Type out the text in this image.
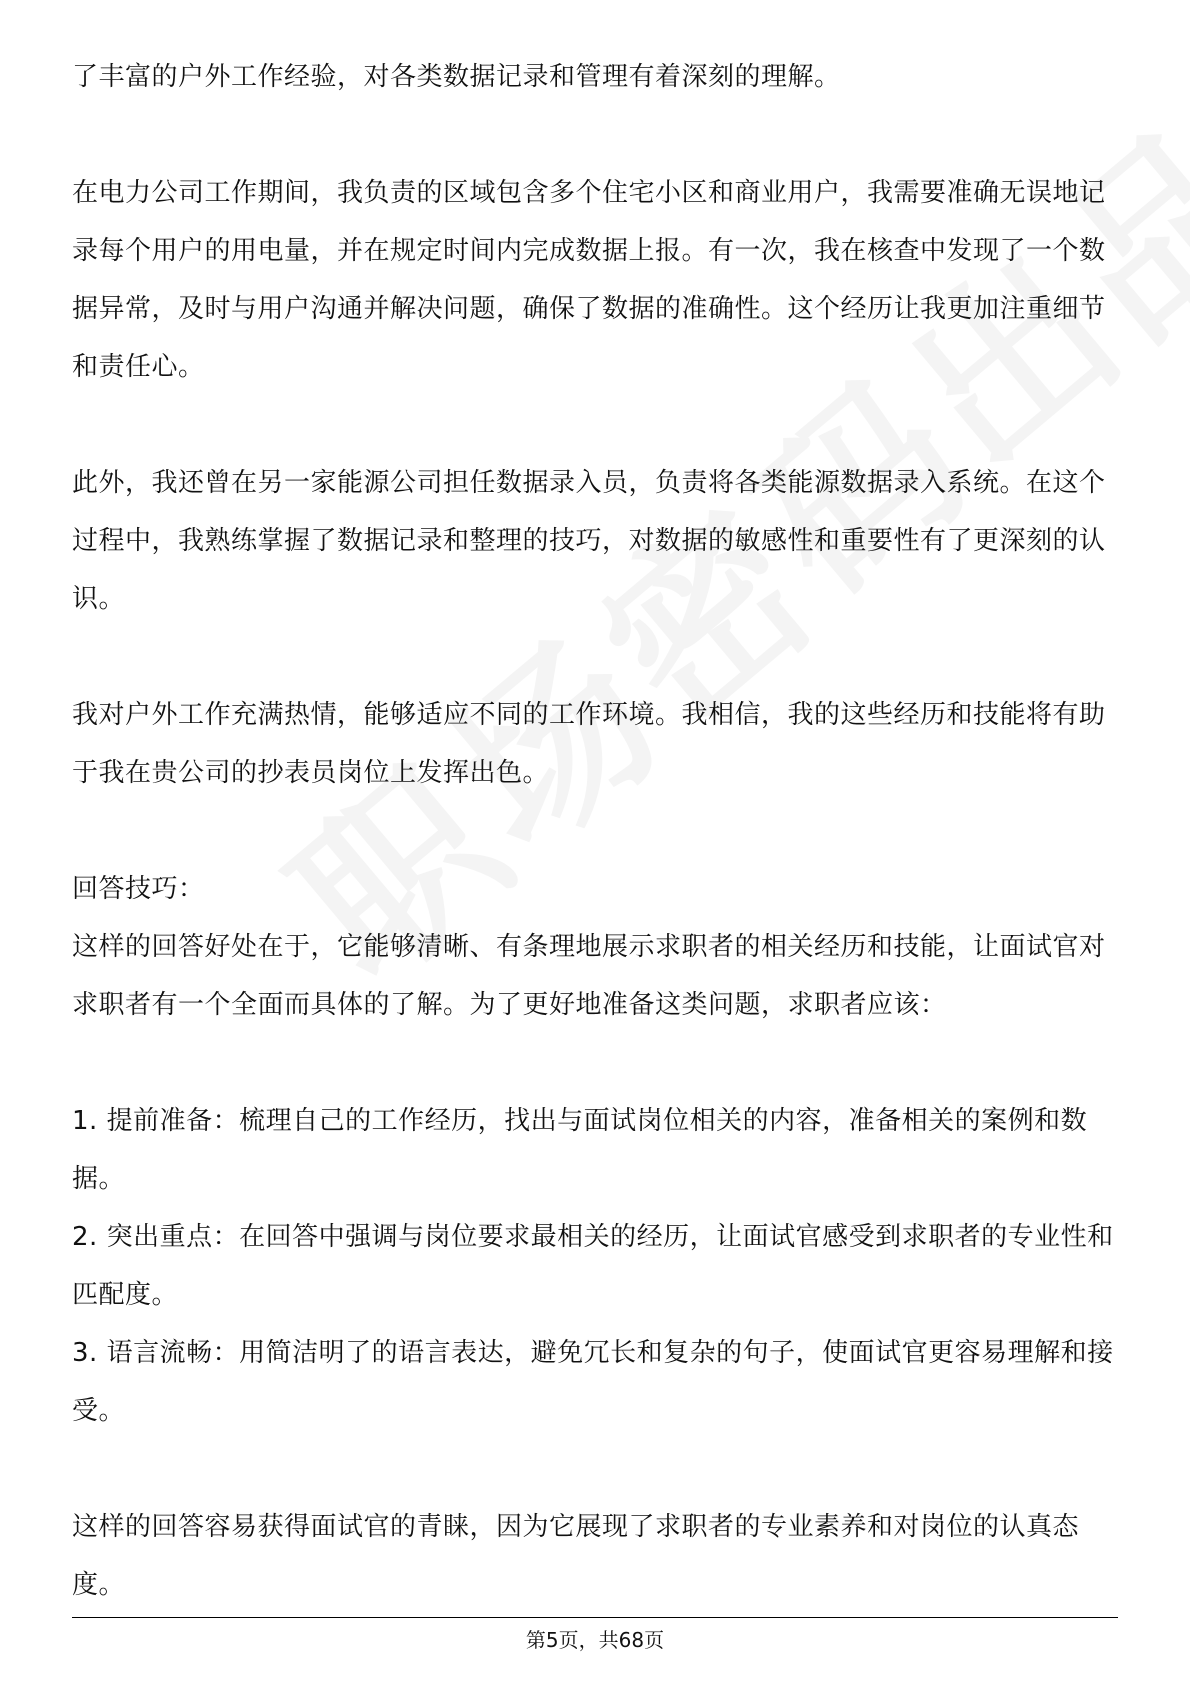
了丰富的户外工作经验，对各类数据记录和管理有着深刻的理解。

在电力公司工作期间，我负责的区域包含多个住宅小区和商业用户，我需要准确无误地记录每个用户的用电量，并在规定时间内完成数据上报。有一次，我在核查中发现了一个数据异常，及时与用户沟通并解决问题，确保了数据的准确性。这个经历让我更加注重细节和责任心。

此外，我还曾在另一家能源公司担任数据录入员，负责将各类能源数据录入系统。在这个过程中，我熟练掌握了数据记录和整理的技巧，对数据的敏感性和重要性有了更深刻的认识。

我对户外工作充满热情，能够适应不同的工作环境。我相信，我的这些经历和技能将有助于我在贵公司的抄表员岗位上发挥出色。

回答技巧：

这样的回答好处在于，它能够清晰、有条理地展示求职者的相关经历和技能，让面试官对求职者有一个全面而具体的了解。为了更好地准备这类问题，求职者应该：

1. 提前准备：梳理自己的工作经历，找出与面试岗位相关的内容，准备相关的案例和数据。

2. 突出重点：在回答中强调与岗位要求最相关的经历，让面试官感受到求职者的专业性和匹配度。

3. 语言流畅：用简洁明了的语言表达，避免冗长和复杂的句子，使面试官更容易理解和接受。

这样的回答容易获得面试官的青睐，因为它展现了求职者的专业素养和对岗位的认真态度。

第5页，共68页
